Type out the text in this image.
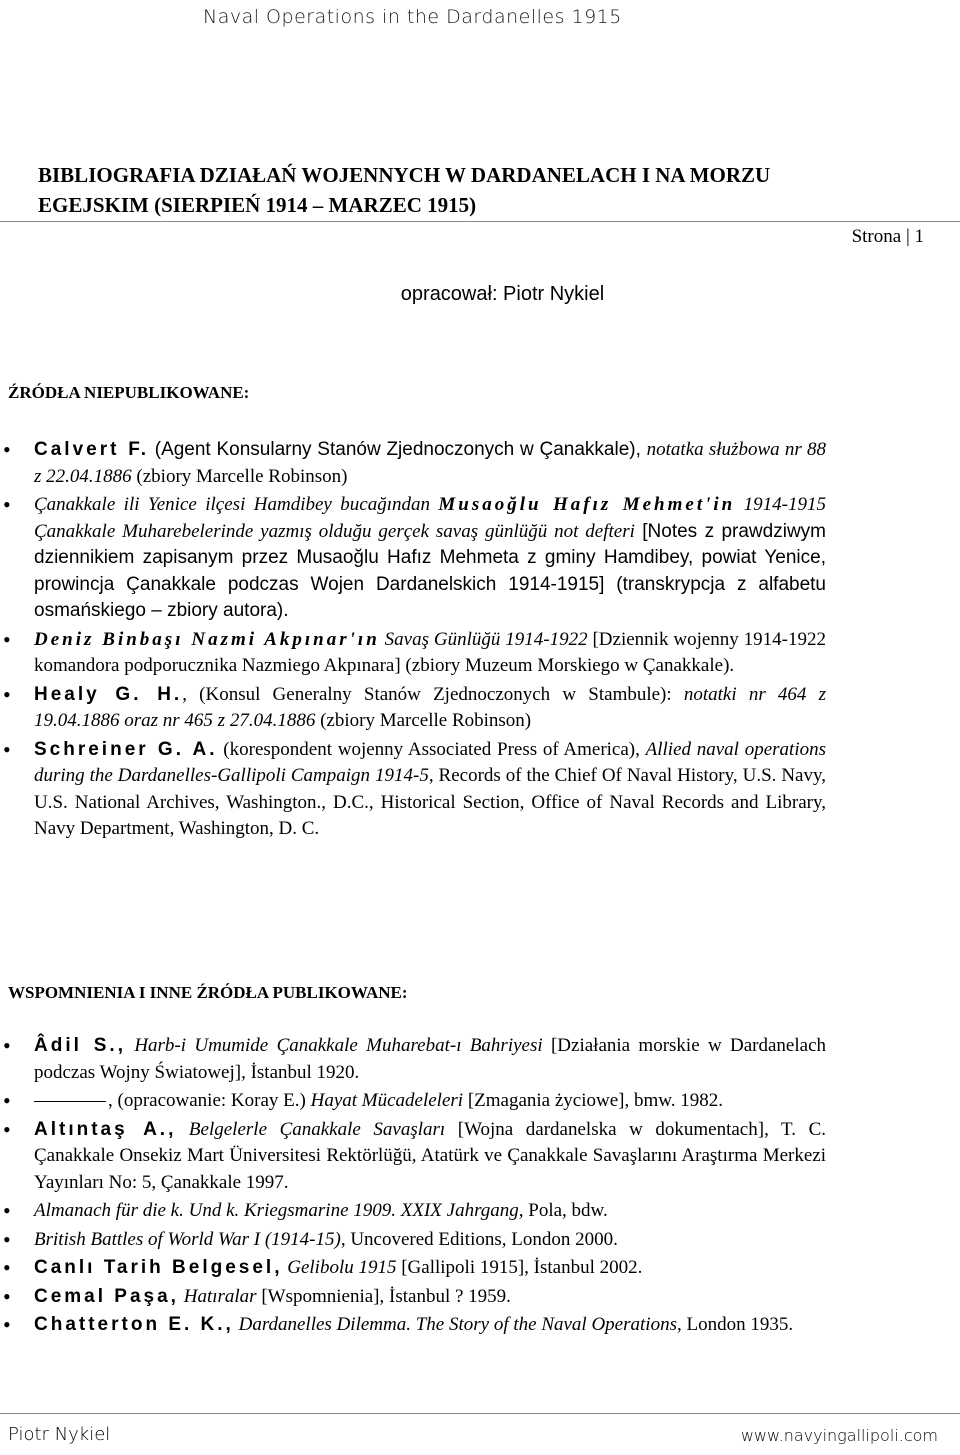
Naval Operations in the Dardanelles 1915
BIBLIOGRAFIA DZIAŁAŃ WOJENNYCH W DARDANELACH I NA MORZU
EGEJSKIM (SIERPIEŃ 1914 – MARZEC 1915)
Strona | 1
opracował: Piotr Nykiel
ŹRÓDŁA NIEPUBLIKOWANE:
• Calvert F. (Agent Konsularny Stanów Zjednoczonych w Çanakkale), notatka służbowa nr 88 z 22.04.1886 (zbiory Marcelle Robinson)
• Çanakkale ili Yenice ilçesi Hamdibey bucağından Musaoğlu Hafız Mehmet'in 1914-1915 Çanakkale Muharebelerinde yazmış olduğu gerçek savaş günlüğü not defteri [Notes z prawdziwym dziennikiem zapisanym przez Musaoğlu Hafız Mehmeta z gminy Hamdibey, powiat Yenice, prowincja Çanakkale podczas Wojen Dardanelskich 1914-1915] (transkrypcja z alfabetu osmańskiego – zbiory autora).
• Deniz Binbaşı Nazmi Akpınar'ın Savaş Günlüğü 1914-1922 [Dziennik wojenny 1914-1922 komandora podporucznika Nazmiego Akpınara] (zbiory Muzeum Morskiego w Çanakkale).
• Healy G. H., (Konsul Generalny Stanów Zjednoczonych w Stambule): notatki nr 464 z 19.04.1886 oraz nr 465 z 27.04.1886 (zbiory Marcelle Robinson)
• Schreiner G. A. (korespondent wojenny Associated Press of America), Allied naval operations during the Dardanelles-Gallipoli Campaign 1914-5, Records of the Chief Of Naval History, U.S. Navy, U.S. National Archives, Washington., D.C., Historical Section, Office of Naval Records and Library, Navy Department, Washington, D. C.
WSPOMNIENIA I INNE ŹRÓDŁA PUBLIKOWANE:
• Âdil S., Harb-i Umumide Çanakkale Muharebat-ı Bahriyesi [Działania morskie w Dardanelach podczas Wojny Światowej], İstanbul 1920.
• , (opracowanie: Koray E.) Hayat Mücadeleleri [Zmagania życiowe], bmw. 1982.
• Altıntaş A., Belgelerle Çanakkale Savaşları [Wojna dardanelska w dokumentach], T. C. Çanakkale Onsekiz Mart Üniversitesi Rektörlüğü, Atatürk ve Çanakkale Savaşlarını Araştırma Merkezi Yayınları No: 5, Çanakkale 1997.
• Almanach für die k. Und k. Kriegsmarine 1909. XXIX Jahrgang, Pola, bdw.
• British Battles of World War I (1914-15), Uncovered Editions, London 2000.
• Canlı Tarih Belgesel, Gelibolu 1915 [Gallipoli 1915], İstanbul 2002.
• Cemal Paşa, Hatıralar [Wspomnienia], İstanbul ? 1959.
• Chatterton E. K., Dardanelles Dilemma. The Story of the Naval Operations, London 1935.
Piotr Nykiel	www.navyingallipoli.com
